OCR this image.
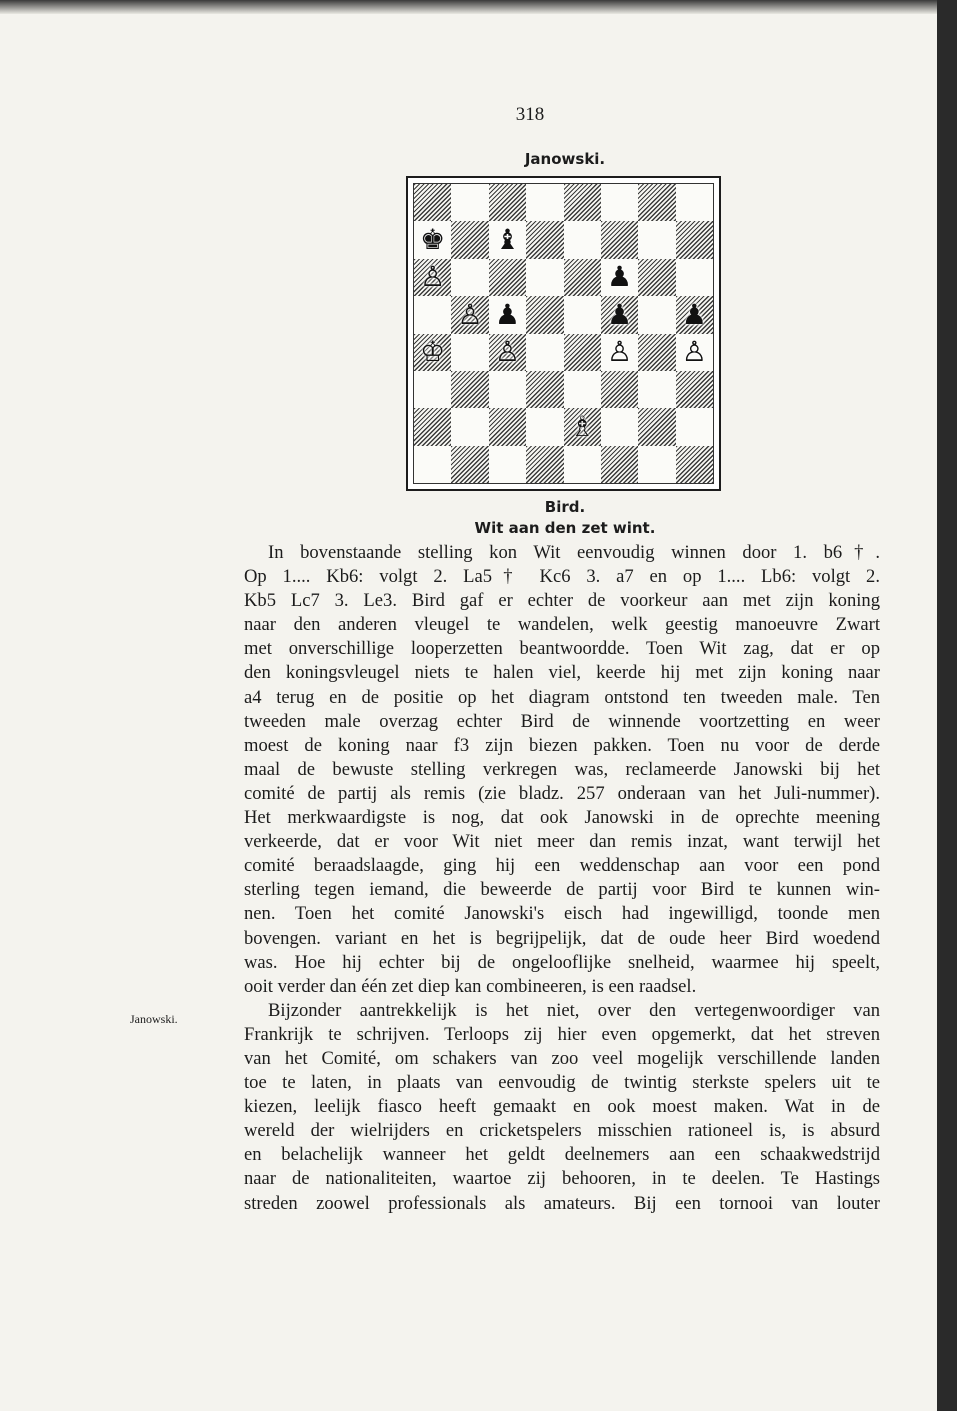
318
Janowski.
♚ ♝
♙	♟
♙ ♟	♟ ♟
♔ ♙	♙ ♙
♗
Bird.
Wit aan den zet wint.
Janowski.
In bovenstaande stelling kon Wit eenvoudig winnen door 1. b6†.
Op 1.... Kb6: volgt 2. La5† Kc6 3. a7 en op 1.... Lb6: volgt 2.
Kb5 Lc7 3. Le3. Bird gaf er echter de voorkeur aan met zijn koning
naar den anderen vleugel te wandelen, welk geestig manoeuvre Zwart
met onverschillige looperzetten beantwoordde. Toen Wit zag, dat er op
den koningsvleugel niets te halen viel, keerde hij met zijn koning naar
a4 terug en de positie op het diagram ontstond ten tweeden male. Ten
tweeden male overzag echter Bird de winnende voortzetting en weer
moest de koning naar f3 zijn biezen pakken. Toen nu voor de derde
maal de bewuste stelling verkregen was, reclameerde Janowski bij het
comité de partij als remis (zie bladz. 257 onderaan van het Juli-nummer).
Het merkwaardigste is nog, dat ook Janowski in de oprechte meening
verkeerde, dat er voor Wit niet meer dan remis inzat, want terwijl het
comité beraadslaagde, ging hij een weddenschap aan voor een pond
sterling tegen iemand, die beweerde de partij voor Bird te kunnen win-
nen. Toen het comité Janowski's eisch had ingewilligd, toonde men
bovengen. variant en het is begrijpelijk, dat de oude heer Bird woedend
was. Hoe hij echter bij de ongelooflijke snelheid, waarmee hij speelt,
ooit verder dan één zet diep kan combineeren, is een raadsel.
Bijzonder aantrekkelijk is het niet, over den vertegenwoordiger van
Frankrijk te schrijven. Terloops zij hier even opgemerkt, dat het streven
van het Comité, om schakers van zoo veel mogelijk verschillende landen
toe te laten, in plaats van eenvoudig de twintig sterkste spelers uit te
kiezen, leelijk fiasco heeft gemaakt en ook moest maken. Wat in de
wereld der wielrijders en cricketspelers misschien rationeel is, is absurd
en belachelijk wanneer het geldt deelnemers aan een schaakwedstrijd
naar de nationaliteiten, waartoe zij behooren, in te deelen. Te Hastings
streden zoowel professionals als amateurs. Bij een tornooi van louter
